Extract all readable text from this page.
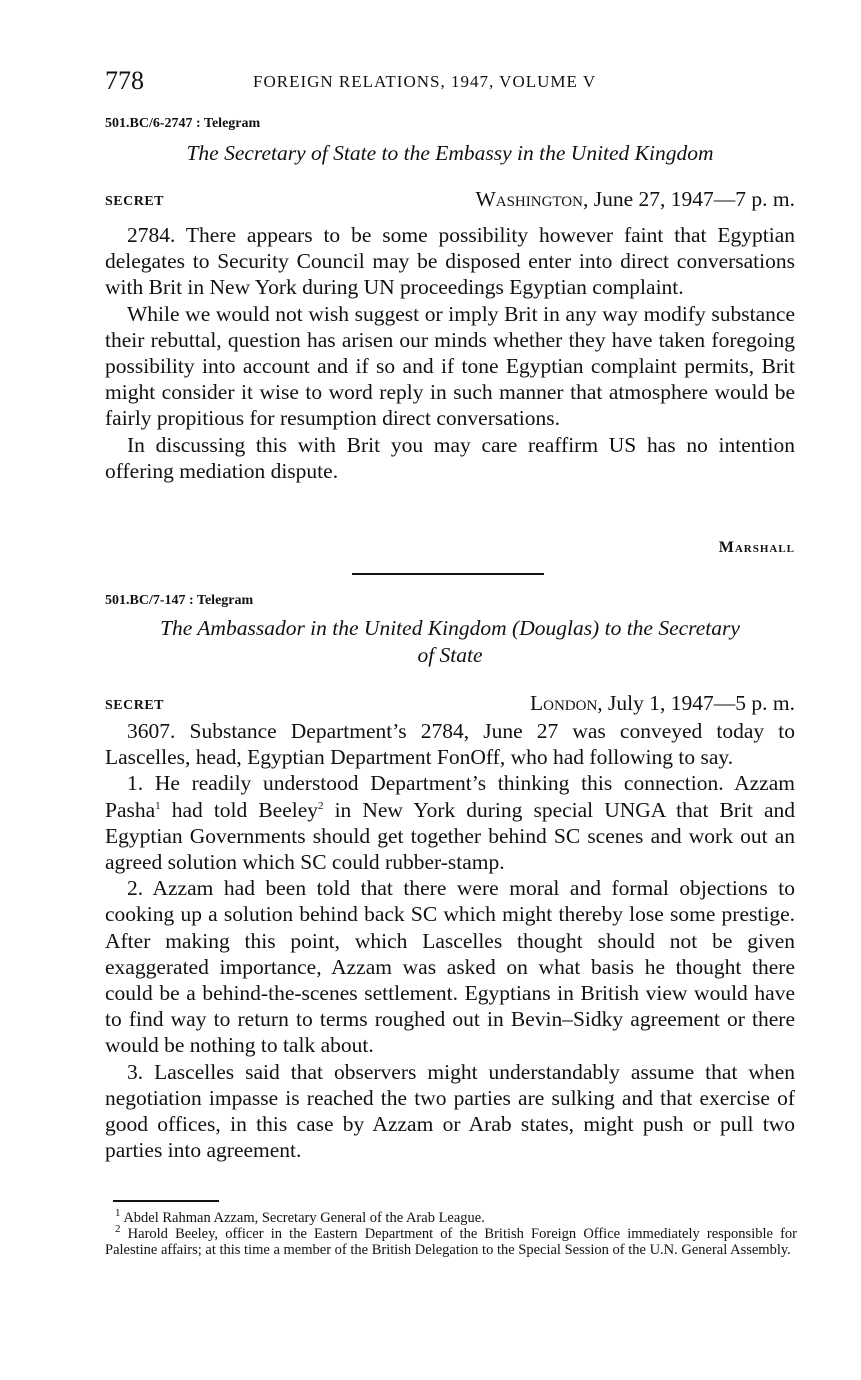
778	FOREIGN RELATIONS, 1947, VOLUME V
501.BC/6-2747 : Telegram
The Secretary of State to the Embassy in the United Kingdom
SECRET	Washington, June 27, 1947—7 p. m.

2784. There appears to be some possibility however faint that Egyptian delegates to Security Council may be disposed enter into direct conversations with Brit in New York during UN proceedings Egyptian complaint.

While we would not wish suggest or imply Brit in any way modify substance their rebuttal, question has arisen our minds whether they have taken foregoing possibility into account and if so and if tone Egyptian complaint permits, Brit might consider it wise to word reply in such manner that atmosphere would be fairly propitious for resumption direct conversations.

In discussing this with Brit you may care reaffirm US has no intention offering mediation dispute.

Marshall
501.BC/7-147 : Telegram
The Ambassador in the United Kingdom (Douglas) to the Secretary
of State
SECRET	London, July 1, 1947—5 p. m.

3607. Substance Department’s 2784, June 27 was conveyed today to Lascelles, head, Egyptian Department FonOff, who had following to say.

1. He readily understood Department’s thinking this connection. Azzam Pasha$^1$ had told Beeley$^2$ in New York during special UNGA that Brit and Egyptian Governments should get together behind SC scenes and work out an agreed solution which SC could rubber-stamp.

2. Azzam had been told that there were moral and formal objections to cooking up a solution behind back SC which might thereby lose some prestige. After making this point, which Lascelles thought should not be given exaggerated importance, Azzam was asked on what basis he thought there could be a behind-the-scenes settlement. Egyptians in British view would have to find way to return to terms roughed out in Bevin–Sidky agreement or there would be nothing to talk about.

3. Lascelles said that observers might understandably assume that when negotiation impasse is reached the two parties are sulking and that exercise of good offices, in this case by Azzam or Arab states, might push or pull two parties into agreement.

$^1$ Abdel Rahman Azzam, Secretary General of the Arab League.

$^2$ Harold Beeley, officer in the Eastern Department of the British Foreign Office immediately responsible for Palestine affairs; at this time a member of the British Delegation to the Special Session of the U.N. General Assembly.
